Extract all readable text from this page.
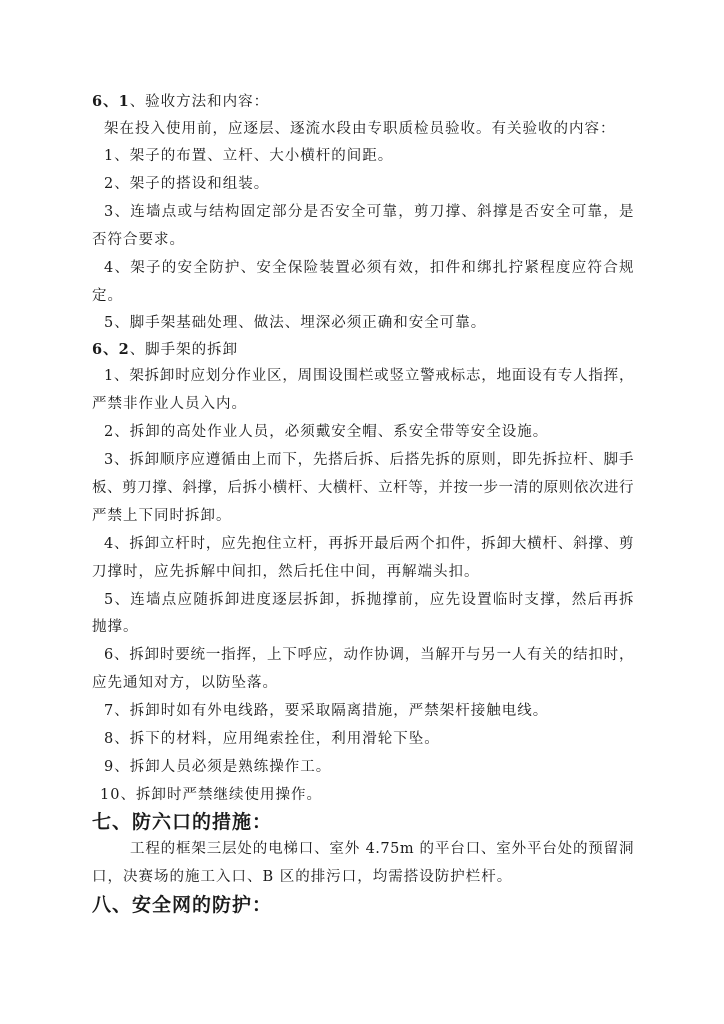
6、1、验收方法和内容：
架在投入使用前，应逐层、逐流水段由专职质检员验收。有关验收的内容：
1、架子的布置、立杆、大小横杆的间距。
2、架子的搭设和组装。
3、连墙点或与结构固定部分是否安全可靠，剪刀撑、斜撑是否安全可靠，是
否符合要求。
4、架子的安全防护、安全保险装置必须有效，扣件和绑扎拧紧程度应符合规
定。
5、脚手架基础处理、做法、埋深必须正确和安全可靠。
6、2、脚手架的拆卸
1、架拆卸时应划分作业区，周围设围栏或竖立警戒标志，地面设有专人指挥，
严禁非作业人员入内。
2、拆卸的高处作业人员，必须戴安全帽、系安全带等安全设施。
3、拆卸顺序应遵循由上而下，先搭后拆、后搭先拆的原则，即先拆拉杆、脚手
板、剪刀撑、斜撑，后拆小横杆、大横杆、立杆等，并按一步一清的原则依次进行
严禁上下同时拆卸。
4、拆卸立杆时，应先抱住立杆，再拆开最后两个扣件，拆卸大横杆、斜撑、剪
刀撑时，应先拆解中间扣，然后托住中间，再解端头扣。
5、连墙点应随拆卸进度逐层拆卸，拆抛撑前，应先设置临时支撑，然后再拆
抛撑。
6、拆卸时要统一指挥，上下呼应，动作协调，当解开与另一人有关的结扣时，
应先通知对方，以防坠落。
7、拆卸时如有外电线路，要采取隔离措施，严禁架杆接触电线。
8、拆下的材料，应用绳索拴住，利用滑轮下坠。
9、拆卸人员必须是熟练操作工。
10、拆卸时严禁继续使用操作。
七、防六口的措施：
工程的框架三层处的电梯口、室外 4.75m 的平台口、室外平台处的预留洞
口，决赛场的施工入口、B 区的排污口，均需搭设防护栏杆。
八、安全网的防护：
